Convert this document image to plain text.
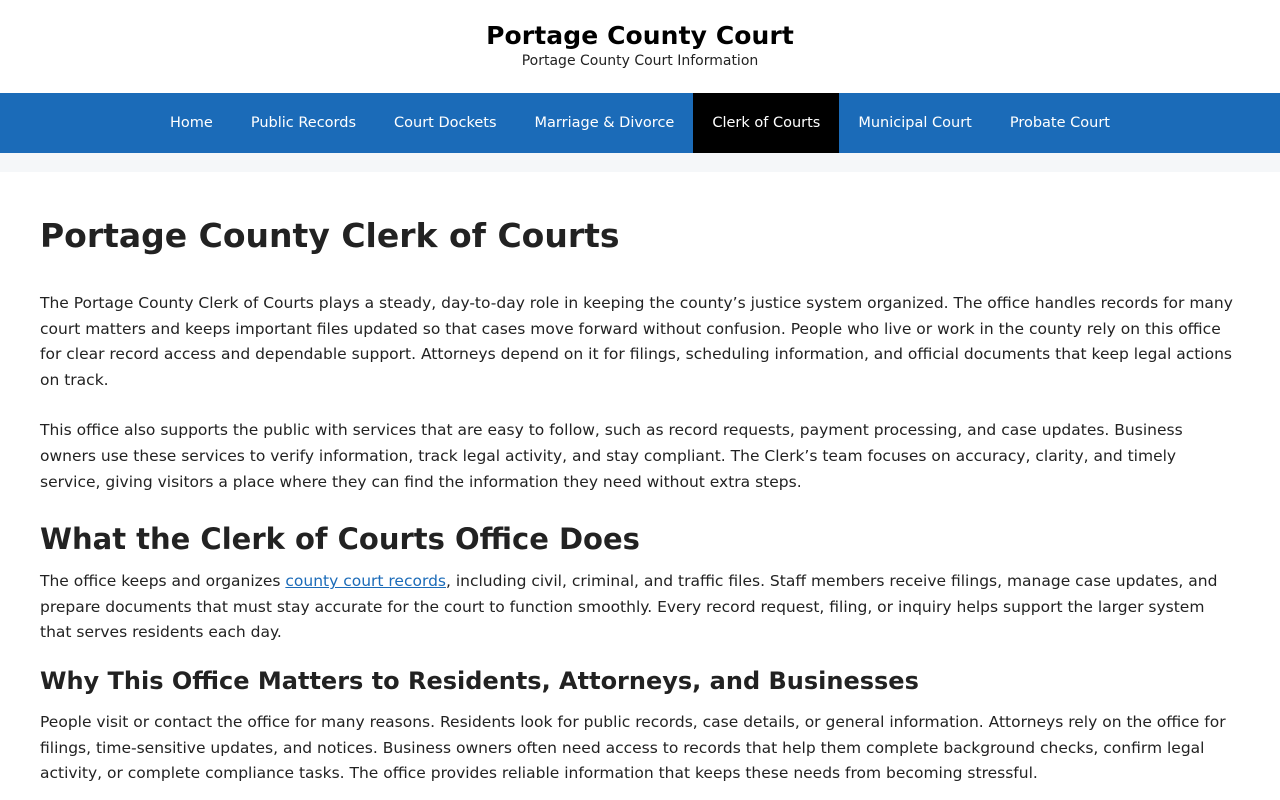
Portage County Court
Portage County Court Information
Home	Public Records	Court Dockets	Marriage & Divorce	Clerk of Courts	Municipal Court	Probate Court
Portage County Clerk of Courts

The Portage County Clerk of Courts plays a steady, day-to-day role in keeping the county’s justice system organized. The office handles records for many court matters and keeps important files updated so that cases move forward without confusion. People who live or work in the county rely on this office for clear record access and dependable support. Attorneys depend on it for filings, scheduling information, and official documents that keep legal actions on track.

This office also supports the public with services that are easy to follow, such as record requests, payment processing, and case updates. Business owners use these services to verify information, track legal activity, and stay compliant. The Clerk’s team focuses on accuracy, clarity, and timely service, giving visitors a place where they can find the information they need without extra steps.

What the Clerk of Courts Office Does

The office keeps and organizes county court records, including civil, criminal, and traffic files. Staff members receive filings, manage case updates, and prepare documents that must stay accurate for the court to function smoothly. Every record request, filing, or inquiry helps support the larger system that serves residents each day.

Why This Office Matters to Residents, Attorneys, and Businesses

People visit or contact the office for many reasons. Residents look for public records, case details, or general information. Attorneys rely on the office for filings, time-sensitive updates, and notices. Business owners often need access to records that help them complete background checks, confirm legal activity, or complete compliance tasks. The office provides reliable information that keeps these needs from becoming stressful.
